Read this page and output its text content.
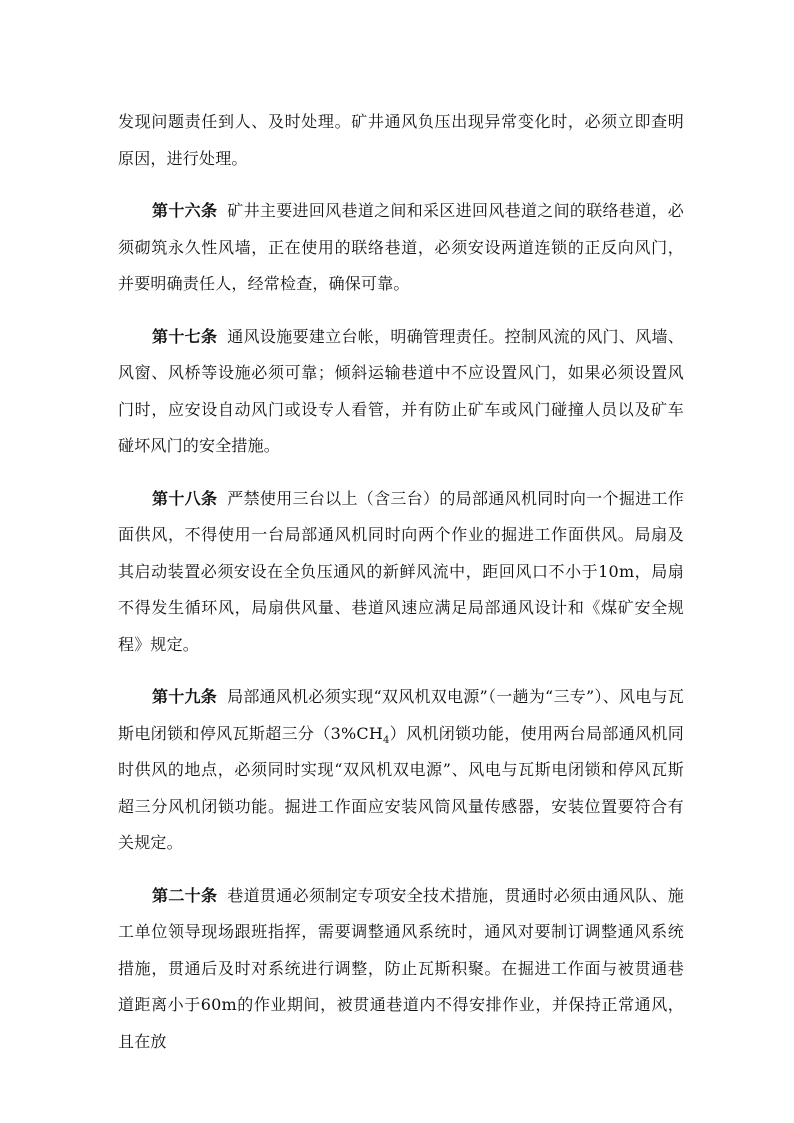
发现问题责任到人、及时处理。矿井通风负压出现异常变化时，必须立即查明原因，进行处理。

第十六条 矿井主要进回风巷道之间和采区进回风巷道之间的联络巷道，必须砌筑永久性风墙，正在使用的联络巷道，必须安设两道连锁的正反向风门，并要明确责任人，经常检查，确保可靠。

第十七条 通风设施要建立台帐，明确管理责任。控制风流的风门、风墙、风窗、风桥等设施必须可靠；倾斜运输巷道中不应设置风门，如果必须设置风门时，应安设自动风门或设专人看管，并有防止矿车或风门碰撞人员以及矿车碰坏风门的安全措施。

第十八条 严禁使用三台以上（含三台）的局部通风机同时向一个掘进工作面供风，不得使用一台局部通风机同时向两个作业的掘进工作面供风。局扇及其启动装置必须安设在全负压通风的新鲜风流中，距回风口不小于10m，局扇不得发生循环风，局扇供风量、巷道风速应满足局部通风设计和《煤矿安全规程》规定。

第十九条 局部通风机必须实现“双风机双电源”（一趟为“三专”）、风电与瓦斯电闭锁和停风瓦斯超三分$(3\%CH_4)$风机闭锁功能，使用两台局部通风机同时供风的地点，必须同时实现“双风机双电源”、风电与瓦斯电闭锁和停风瓦斯超三分风机闭锁功能。掘进工作面应安装风筒风量传感器，安装位置要符合有关规定。

第二十条 巷道贯通必须制定专项安全技术措施，贯通时必须由通风队、施工单位领导现场跟班指挥，需要调整通风系统时，通风对要制订调整通风系统措施，贯通后及时对系统进行调整，防止瓦斯积聚。在掘进工作面与被贯通巷道距离小于60m的作业期间，被贯通巷道内不得安排作业，并保持正常通风，且在放
